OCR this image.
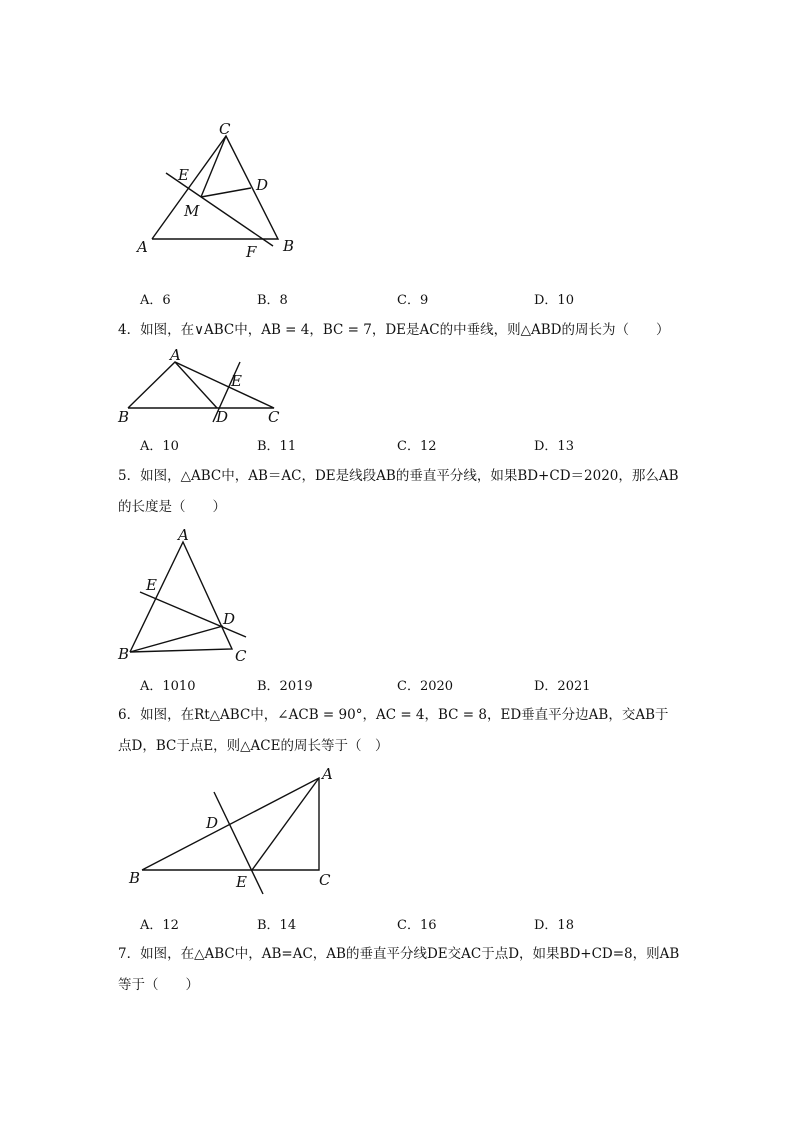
C
E
D
M
A	F B
A．6	B．8	C．9	D．10
4．如图，在∨ABC中，AB = 4，BC = 7，DE是AC的中垂线，则△ABD的周长为（　　）
A
E
B	D	C
A．10	B．11	C．12	D．13
5．如图，△ABC中，AB＝AC，DE是线段AB的垂直平分线，如果BD+CD＝2020，那么AB
的长度是（　　）
A
E
D
B	C
A．1010	B．2019	C．2020	D．2021
6．如图，在Rt△ABC中，∠ACB = 90°，AC = 4，BC = 8，ED垂直平分边AB，交AB于
点D，BC于点E，则△ACE的周长等于（　）
A
D
B	E	C
A．12	B．14	C．16	D．18
7．如图，在△ABC中，AB=AC，AB的垂直平分线DE交AC于点D，如果BD+CD=8，则AB
等于（　　）
